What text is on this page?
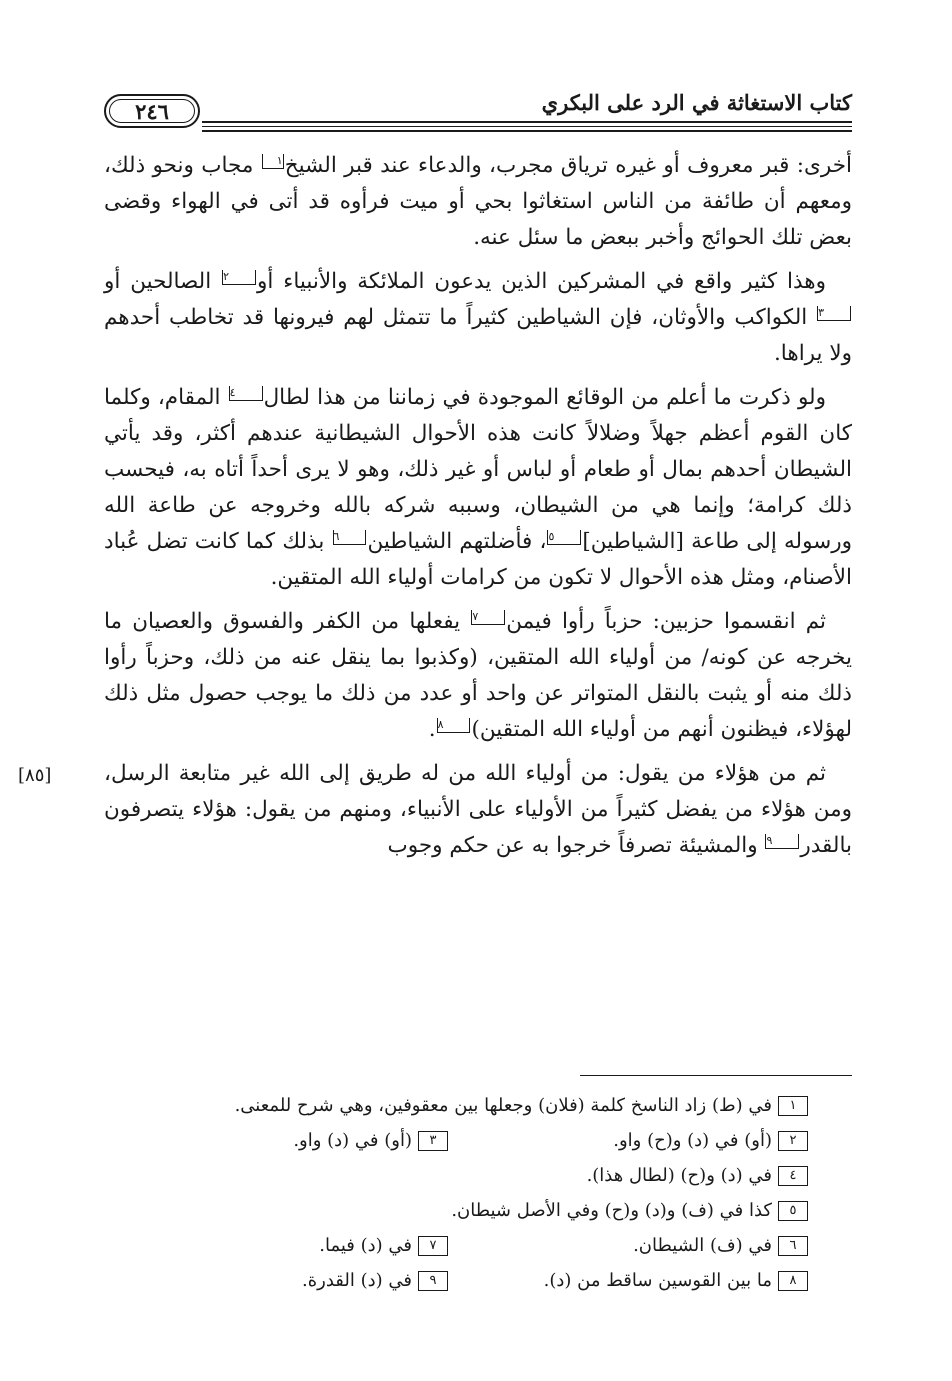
كتاب الاستغاثة في الرد على البكري
٢٤٦
[٨٥]

أخرى: قبر معروف أو غيره ترياق مجرب، والدعاء عند قبر الشيخ١ مجاب ونحو ذلك، ومعهم أن طائفة من الناس استغاثوا بحي أو ميت فرأوه قد أتى في الهواء وقضى بعض تلك الحوائج وأخبر ببعض ما سئل عنه.

وهذا كثير واقع في المشركين الذين يدعون الملائكة والأنبياء أو٢ الصالحين أو٣ الكواكب والأوثان، فإن الشياطين كثيراً ما تتمثل لهم فيرونها قد تخاطب أحدهم ولا يراها.

ولو ذكرت ما أعلم من الوقائع الموجودة في زماننا من هذا لطال٤ المقام، وكلما كان القوم أعظم جهلاً وضلالاً كانت هذه الأحوال الشيطانية عندهم أكثر، وقد يأتي الشيطان أحدهم بمال أو طعام أو لباس أو غير ذلك، وهو لا يرى أحداً أتاه به، فيحسب ذلك كرامة؛ وإنما هي من الشيطان، وسببه شركه بالله وخروجه عن طاعة الله ورسوله إلى طاعة [الشياطين]٥، فأضلتهم الشياطين٦ بذلك كما كانت تضل عُباد الأصنام، ومثل هذه الأحوال لا تكون من كرامات أولياء الله المتقين.

ثم انقسموا حزبين: حزباً رأوا فيمن٧ يفعلها من الكفر والفسوق والعصيان ما يخرجه عن كونه/ من أولياء الله المتقين، (وكذبوا بما ينقل عنه من ذلك، وحزباً رأوا ذلك منه أو يثبت بالنقل المتواتر عن واحد أو عدد من ذلك ما يوجب حصول مثل ذلك لهؤلاء، فيظنون أنهم من أولياء الله المتقين)٨.

ثم من هؤلاء من يقول: من أولياء الله من له طريق إلى الله غير متابعة الرسل، ومن هؤلاء من يفضل كثيراً من الأولياء على الأنبياء، ومنهم من يقول: هؤلاء يتصرفون بالقدر٩ والمشيئة تصرفاً خرجوا به عن حكم وجوب

١
في (ط) زاد الناسخ كلمة (فلان) وجعلها بين معقوفين، وهي شرح للمعنى.
٢
(أو) في (د) و(ح) واو.
٣
(أو) في (د) واو.
٤
في (د) و(ح) (لطال هذا).
٥
كذا في (ف) و(د) و(ح) وفي الأصل شيطان.
٦
في (ف) الشيطان.
٧
في (د) فيما.
٨
ما بين القوسين ساقط من (د).
٩
في (د) القدرة.
